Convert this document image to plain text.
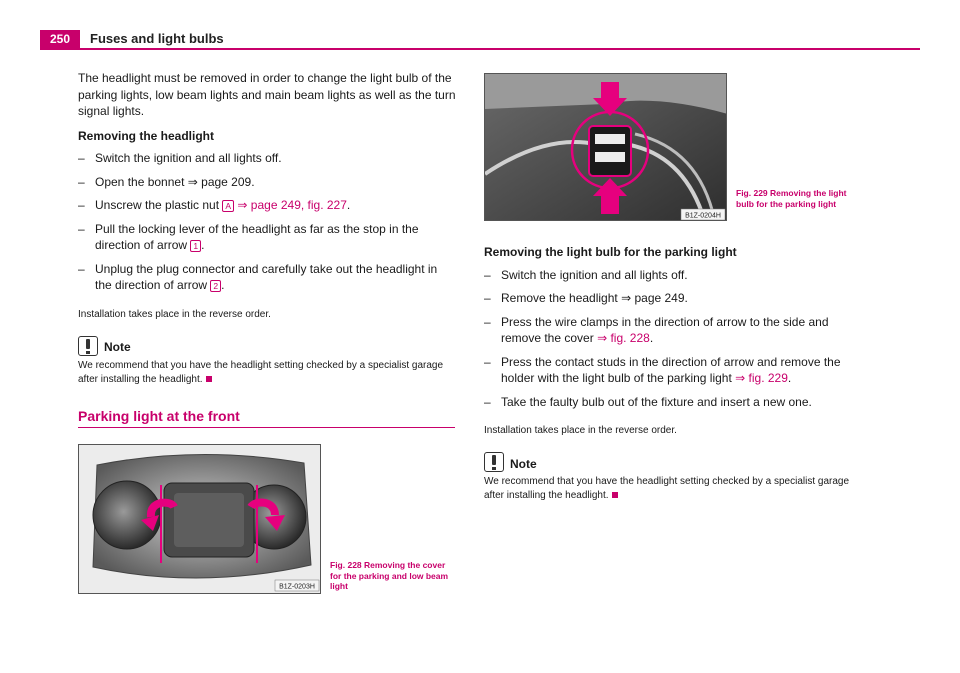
250	Fuses and light bulbs

The headlight must be removed in order to change the light bulb of the parking lights, low beam lights and main beam lights as well as the turn signal lights.

Removing the headlight

– Switch the ignition and all lights off.
– Open the bonnet ⇒ page 209.
– Unscrew the plastic nut A ⇒ page 249, fig. 227.
– Pull the locking lever of the headlight as far as the stop in the direction of arrow 1 .
– Unplug the plug connector and carefully take out the headlight in the direction of arrow 2 .

Installation takes place in the reverse order.

Note

We recommend that you have the headlight setting checked by a specialist garage after installing the headlight.

Parking light at the front
B1Z-0203H
Fig. 228 Removing the cover for the parking and low beam light
B1Z-0204H
Fig. 229 Removing the light bulb for the parking light

Removing the light bulb for the parking light

– Switch the ignition and all lights off.
– Remove the headlight ⇒ page 249.
– Press the wire clamps in the direction of arrow to the side and remove the cover ⇒ fig. 228.
– Press the contact studs in the direction of arrow and remove the holder with the light bulb of the parking light ⇒ fig. 229.
– Take the faulty bulb out of the fixture and insert a new one.

Installation takes place in the reverse order.

Note

We recommend that you have the headlight setting checked by a specialist garage after installing the headlight.
